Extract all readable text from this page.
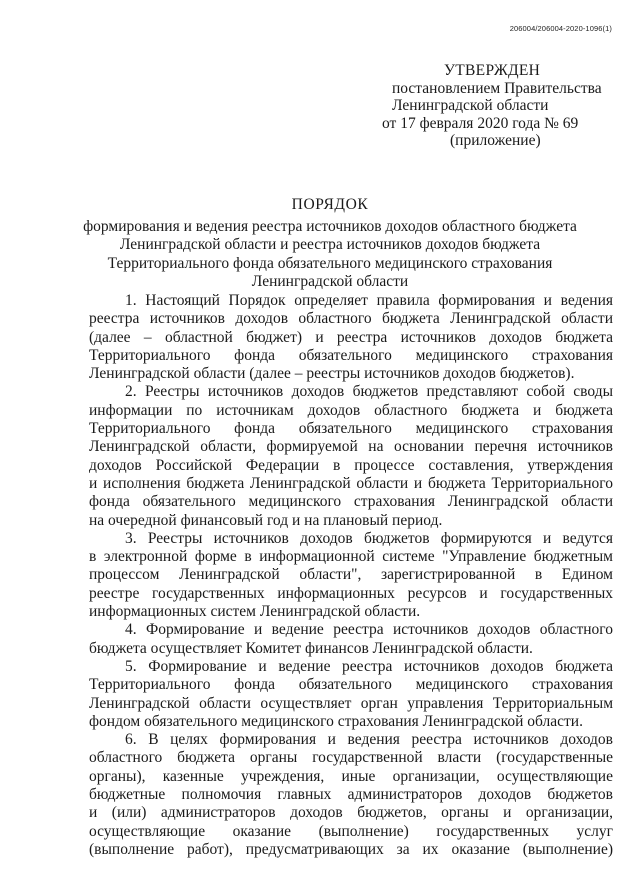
206004/206004-2020-1096(1)
УТВЕРЖДЕН
постановлением Правительства
Ленинградской области
от 17 февраля 2020 года № 69
(приложение)
ПОРЯДОК
формирования и ведения реестра источников доходов областного бюджета
Ленинградской области и реестра источников доходов бюджета
Территориального фонда обязательного медицинского страхования
Ленинградской области
1. Настоящий Порядок определяет правила формирования и ведения
реестра источников доходов областного бюджета Ленинградской области
(далее – областной бюджет) и реестра источников доходов бюджета
Территориального фонда обязательного медицинского страхования
Ленинградской области (далее – реестры источников доходов бюджетов).
2. Реестры источников доходов бюджетов представляют собой своды
информации по источникам доходов областного бюджета и бюджета
Территориального фонда обязательного медицинского страхования
Ленинградской области, формируемой на основании перечня источников
доходов Российской Федерации в процессе составления, утверждения
и исполнения бюджета Ленинградской области и бюджета Территориального
фонда обязательного медицинского страхования Ленинградской области
на очередной финансовый год и на плановый период.
3. Реестры источников доходов бюджетов формируются и ведутся
в электронной форме в информационной системе "Управление бюджетным
процессом Ленинградской области", зарегистрированной в Едином
реестре государственных информационных ресурсов и государственных
информационных систем Ленинградской области.
4. Формирование и ведение реестра источников доходов областного
бюджета осуществляет Комитет финансов Ленинградской области.
5. Формирование и ведение реестра источников доходов бюджета
Территориального фонда обязательного медицинского страхования
Ленинградской области осуществляет орган управления Территориальным
фондом обязательного медицинского страхования Ленинградской области.
6. В целях формирования и ведения реестра источников доходов
областного бюджета органы государственной власти (государственные
органы), казенные учреждения, иные организации, осуществляющие
бюджетные полномочия главных администраторов доходов бюджетов
и (или) администраторов доходов бюджетов, органы и организации,
осуществляющие оказание (выполнение) государственных услуг
(выполнение работ), предусматривающих за их оказание (выполнение)
